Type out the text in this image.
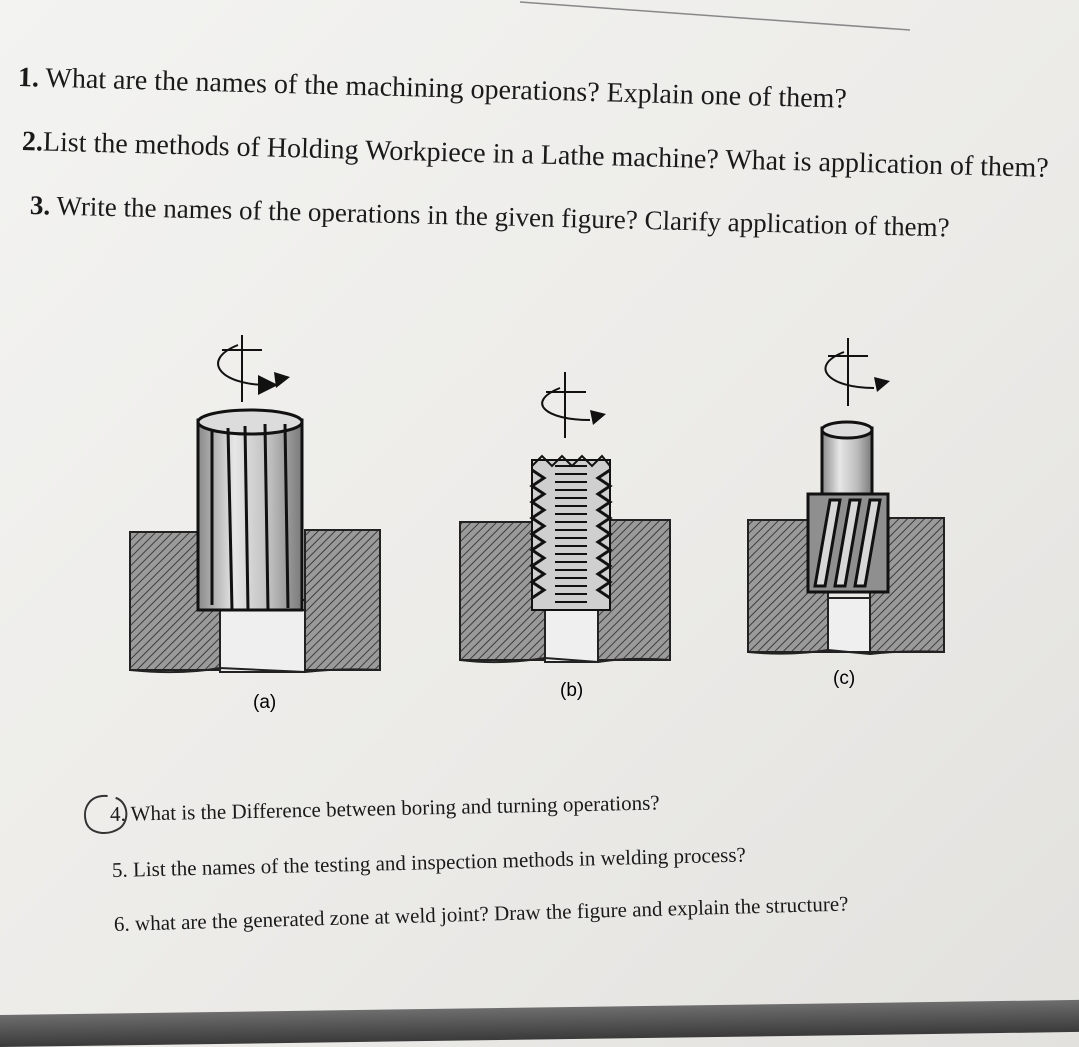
1. What are the names of the machining operations? Explain one of them?
2.List the methods of Holding Workpiece in a Lathe machine? What is application of them?
3. Write the names of the operations in the given figure? Clarify application of them?
(a)
(b)
(c)
4. What is the Difference between boring and turning operations?
5. List the names of the testing and inspection methods in welding process?
6. what are the generated zone at weld joint? Draw the figure and explain the structure?
